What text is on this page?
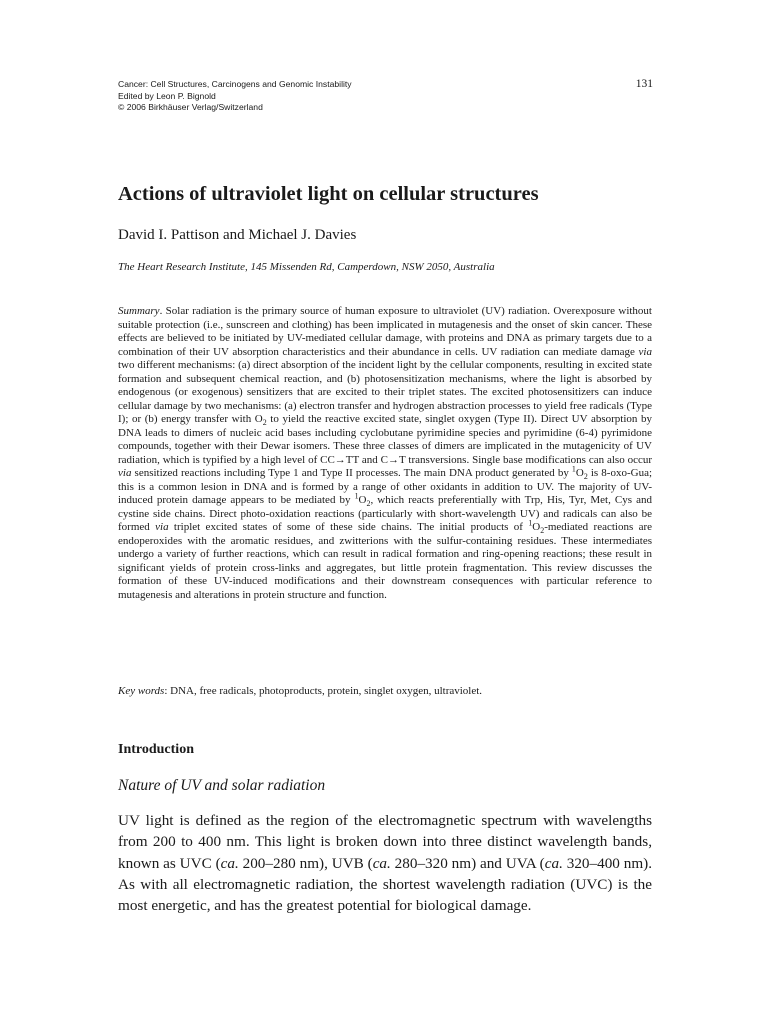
Cancer: Cell Structures, Carcinogens and Genomic Instability
Edited by Leon P. Bignold
© 2006 Birkhäuser Verlag/Switzerland
131
Actions of ultraviolet light on cellular structures

David I. Pattison and Michael J. Davies

The Heart Research Institute, 145 Missenden Rd, Camperdown, NSW 2050, Australia

Summary. Solar radiation is the primary source of human exposure to ultraviolet (UV) radiation. Overexposure without suitable protection (i.e., sunscreen and clothing) has been implicated in mutagenesis and the onset of skin cancer. These effects are believed to be initiated by UV-mediated cellular damage, with proteins and DNA as primary targets due to a combination of their UV absorption characteristics and their abundance in cells. UV radiation can mediate damage via two different mechanisms: (a) direct absorption of the incident light by the cellular components, resulting in excited state formation and subsequent chemical reaction, and (b) photosensitization mechanisms, where the light is absorbed by endogenous (or exogenous) sensitizers that are excited to their triplet states. The excited photosensitizers can induce cellular damage by two mechanisms: (a) electron transfer and hydrogen abstraction processes to yield free radicals (Type I); or (b) energy transfer with $O_2$ to yield the reactive excited state, singlet oxygen (Type II). Direct UV absorption by DNA leads to dimers of nucleic acid bases including cyclobutane pyrimidine species and pyrimidine (6-4) pyrimidone compounds, together with their Dewar isomers. These three classes of dimers are implicated in the mutagenicity of UV radiation, which is typified by a high level of CC→TT and C→T transversions. Single base modifications can also occur via sensitized reactions including Type 1 and Type II processes. The main DNA product generated by $^1O_2$ is 8-oxo-Gua; this is a common lesion in DNA and is formed by a range of other oxidants in addition to UV. The majority of UV-induced protein damage appears to be mediated by $^1O_2$, which reacts preferentially with Trp, His, Tyr, Met, Cys and cystine side chains. Direct photo-oxidation reactions (particularly with short-wavelength UV) and radicals can also be formed via triplet excited states of some of these side chains. The initial products of $^1O_2$-mediated reactions are endoperoxides with the aromatic residues, and zwitterions with the sulfur-containing residues. These intermediates undergo a variety of further reactions, which can result in radical formation and ring-opening reactions; these result in significant yields of protein cross-links and aggregates, but little protein fragmentation. This review discusses the formation of these UV-induced modifications and their downstream consequences with particular reference to mutagenesis and alterations in protein structure and function.

Key words: DNA, free radicals, photoproducts, protein, singlet oxygen, ultraviolet.

Introduction
Nature of UV and solar radiation

UV light is defined as the region of the electromagnetic spectrum with wavelengths from 200 to 400 nm. This light is broken down into three distinct wavelength bands, known as UVC (ca. 200–280 nm), UVB (ca. 280–320 nm) and UVA (ca. 320–400 nm). As with all electromagnetic radiation, the shortest wavelength radiation (UVC) is the most energetic, and has the greatest potential for biological damage.
